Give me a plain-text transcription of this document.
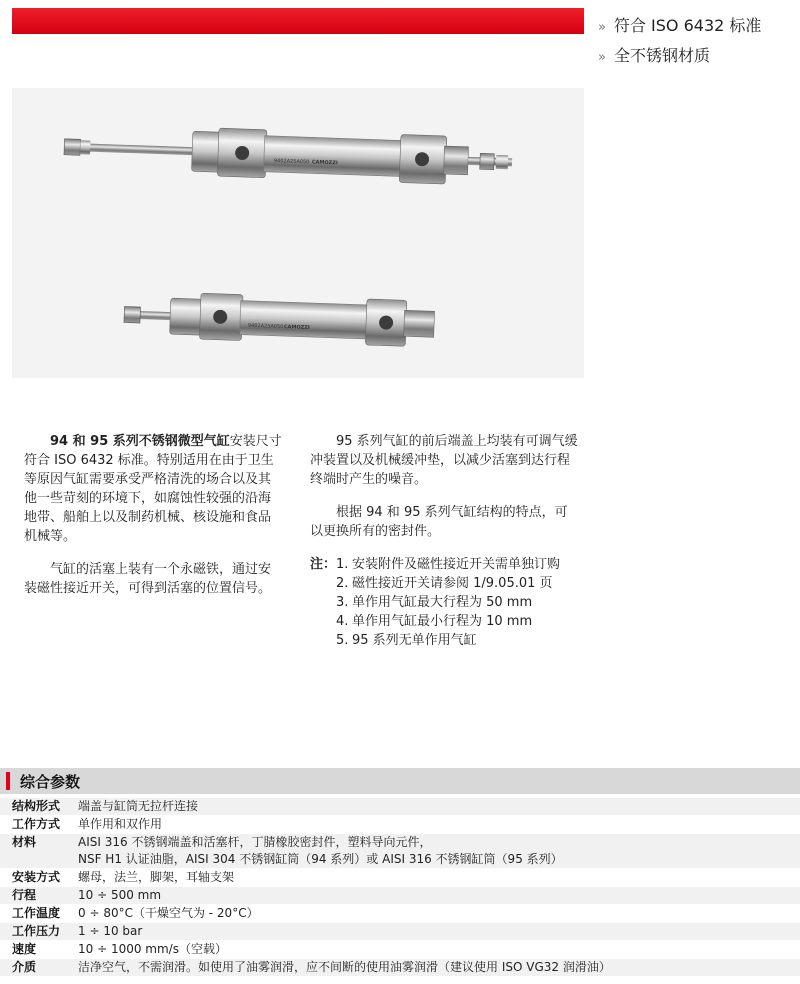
» 符合 ISO 6432 标准
» 全不锈钢材质
9402A25A050 CAMOZZI
9402A25A050 CAMOZZI

94 和 95 系列不锈钢微型气缸安装尺寸符合 ISO 6432 标准。特别适用在由于卫生等原因气缸需要承受严格清洗的场合以及其他一些苛刻的环境下，如腐蚀性较强的沿海地带、船舶上以及制药机械、核设施和食品机械等。

气缸的活塞上装有一个永磁铁，通过安装磁性接近开关，可得到活塞的位置信号。

95 系列气缸的前后端盖上均装有可调气缓冲装置以及机械缓冲垫，以减少活塞到达行程终端时产生的噪音。

根据 94 和 95 系列气缸结构的特点，可以更换所有的密封件。

注： 1. 安装附件及磁性接近开关需单独订购
2. 磁性接近开关请参阅 1/9.05.01 页
3. 单作用气缸最大行程为 50 mm
4. 单作用气缸最小行程为 10 mm
5. 95 系列无单作用气缸
综合参数
结构形式	端盖与缸筒无拉杆连接
工作方式	单作用和双作用
材料	AISI 316 不锈钢端盖和活塞杆，丁腈橡胶密封件，塑料导向元件，
NSF H1 认证油脂，AISI 304 不锈钢缸筒（94 系列）或 AISI 316 不锈钢缸筒（95 系列）
安装方式	螺母，法兰，脚架，耳轴支架
行程	10 ÷ 500 mm
工作温度	0 ÷ 80°C（干燥空气为 - 20°C）
工作压力	1 ÷ 10 bar
速度	10 ÷ 1000 mm/s（空载）
介质	洁净空气，不需润滑。如使用了油雾润滑，应不间断的使用油雾润滑（建议使用 ISO VG32 润滑油）
